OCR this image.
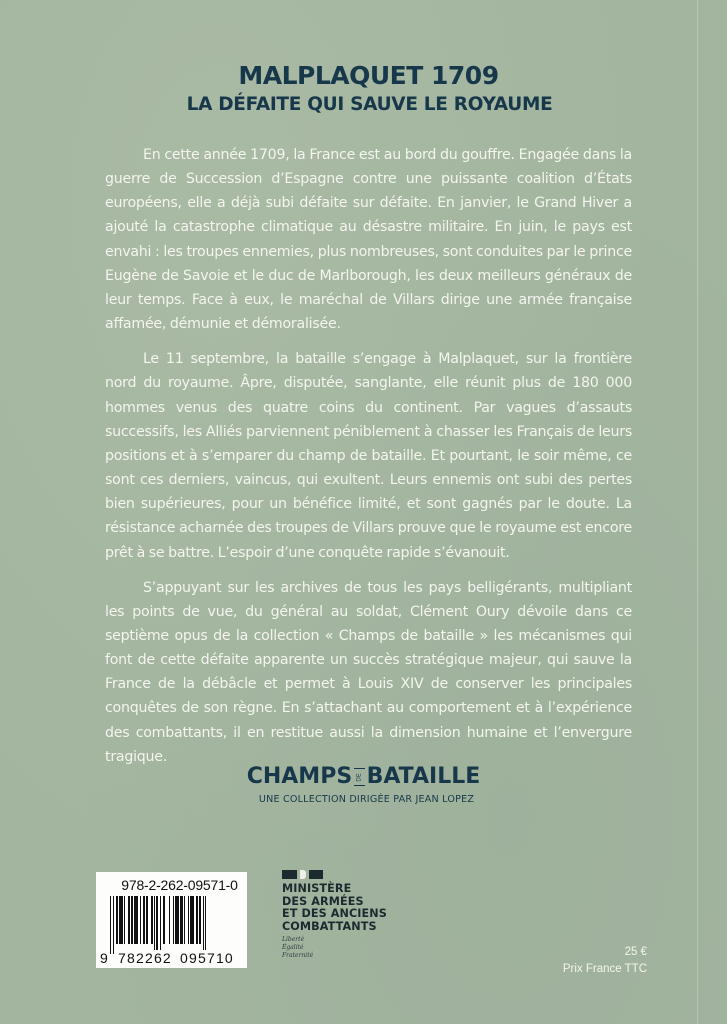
MALPLAQUET 1709
LA DÉFAITE QUI SAUVE LE ROYAUME

En cette année 1709, la France est au bord du gouffre. Engagée dans la guerre de Succession d’Espagne contre une puissante coalition d’États européens, elle a déjà subi défaite sur défaite. En janvier, le Grand Hiver a ajouté la catastrophe climatique au désastre militaire. En juin, le pays est envahi : les troupes ennemies, plus nombreuses, sont conduites par le prince Eugène de Savoie et le duc de Marlborough, les deux meilleurs généraux de leur temps. Face à eux, le maréchal de Villars dirige une armée française affamée, démunie et démoralisée.

Le 11 septembre, la bataille s’engage à Malplaquet, sur la frontière nord du royaume. Âpre, disputée, sanglante, elle réunit plus de 180 000 hommes venus des quatre coins du continent. Par vagues d’assauts successifs, les Alliés parviennent péniblement à chasser les Français de leurs positions et à s’emparer du champ de bataille. Et pourtant, le soir même, ce sont ces derniers, vaincus, qui exultent. Leurs ennemis ont subi des pertes bien supérieures, pour un bénéfice limité, et sont gagnés par le doute. La résistance acharnée des troupes de Villars prouve que le royaume est encore prêt à se battre. L’espoir d’une conquête rapide s’évanouit.

S’appuyant sur les archives de tous les pays belligérants, multipliant les points de vue, du général au soldat, Clément Oury dévoile dans ce septième opus de la collection « Champs de bataille » les mécanismes qui font de cette défaite apparente un succès stratégique majeur, qui sauve la France de la débâcle et permet à Louis XIV de conserver les principales conquêtes de son règne. En s’attachant au comportement et à l’expérience des combattants, il en restitue aussi la dimension humaine et l’envergure tragique.

CHAMPS DE BATAILLE
UNE COLLECTION DIRIGÉE PAR JEAN LOPEZ
978-2-262-09571-0
9 782262 095710
MINISTÈRE
DES ARMÉES
ET DES ANCIENS
COMBATTANTS
Liberté
Égalité
Fraternité	25 €
Prix France TTC
